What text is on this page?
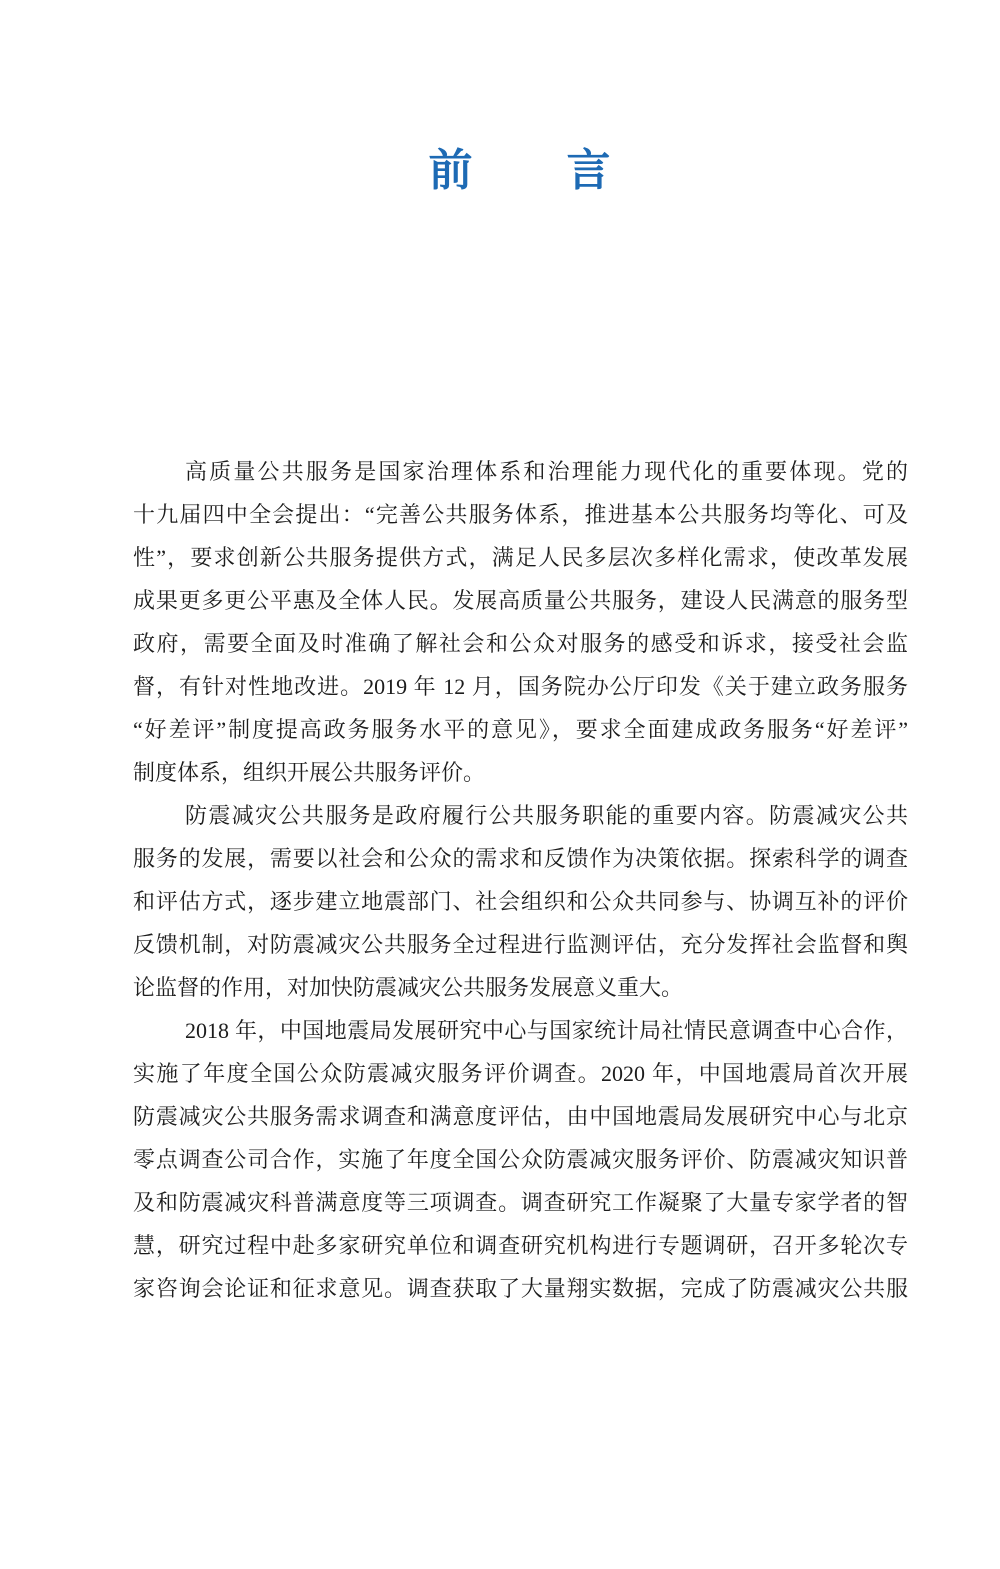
前　　言
高质量公共服务是国家治理体系和治理能力现代化的重要体现。党的
十九届四中全会提出：“完善公共服务体系，推进基本公共服务均等化、可及
性”，要求创新公共服务提供方式，满足人民多层次多样化需求，使改革发展
成果更多更公平惠及全体人民。发展高质量公共服务，建设人民满意的服务型
政府，需要全面及时准确了解社会和公众对服务的感受和诉求，接受社会监
督，有针对性地改进。2019 年 12 月，国务院办公厅印发《关于建立政务服务
“好差评”制度提高政务服务水平的意见》，要求全面建成政务服务“好差评”
制度体系，组织开展公共服务评价。
防震减灾公共服务是政府履行公共服务职能的重要内容。防震减灾公共
服务的发展，需要以社会和公众的需求和反馈作为决策依据。探索科学的调查
和评估方式，逐步建立地震部门、社会组织和公众共同参与、协调互补的评价
反馈机制，对防震减灾公共服务全过程进行监测评估，充分发挥社会监督和舆
论监督的作用，对加快防震减灾公共服务发展意义重大。
2018 年，中国地震局发展研究中心与国家统计局社情民意调查中心合作，
实施了年度全国公众防震减灾服务评价调查。2020 年，中国地震局首次开展
防震减灾公共服务需求调查和满意度评估，由中国地震局发展研究中心与北京
零点调查公司合作，实施了年度全国公众防震减灾服务评价、防震减灾知识普
及和防震减灾科普满意度等三项调查。调查研究工作凝聚了大量专家学者的智
慧，研究过程中赴多家研究单位和调查研究机构进行专题调研，召开多轮次专
家咨询会论证和征求意见。调查获取了大量翔实数据，完成了防震减灾公共服
